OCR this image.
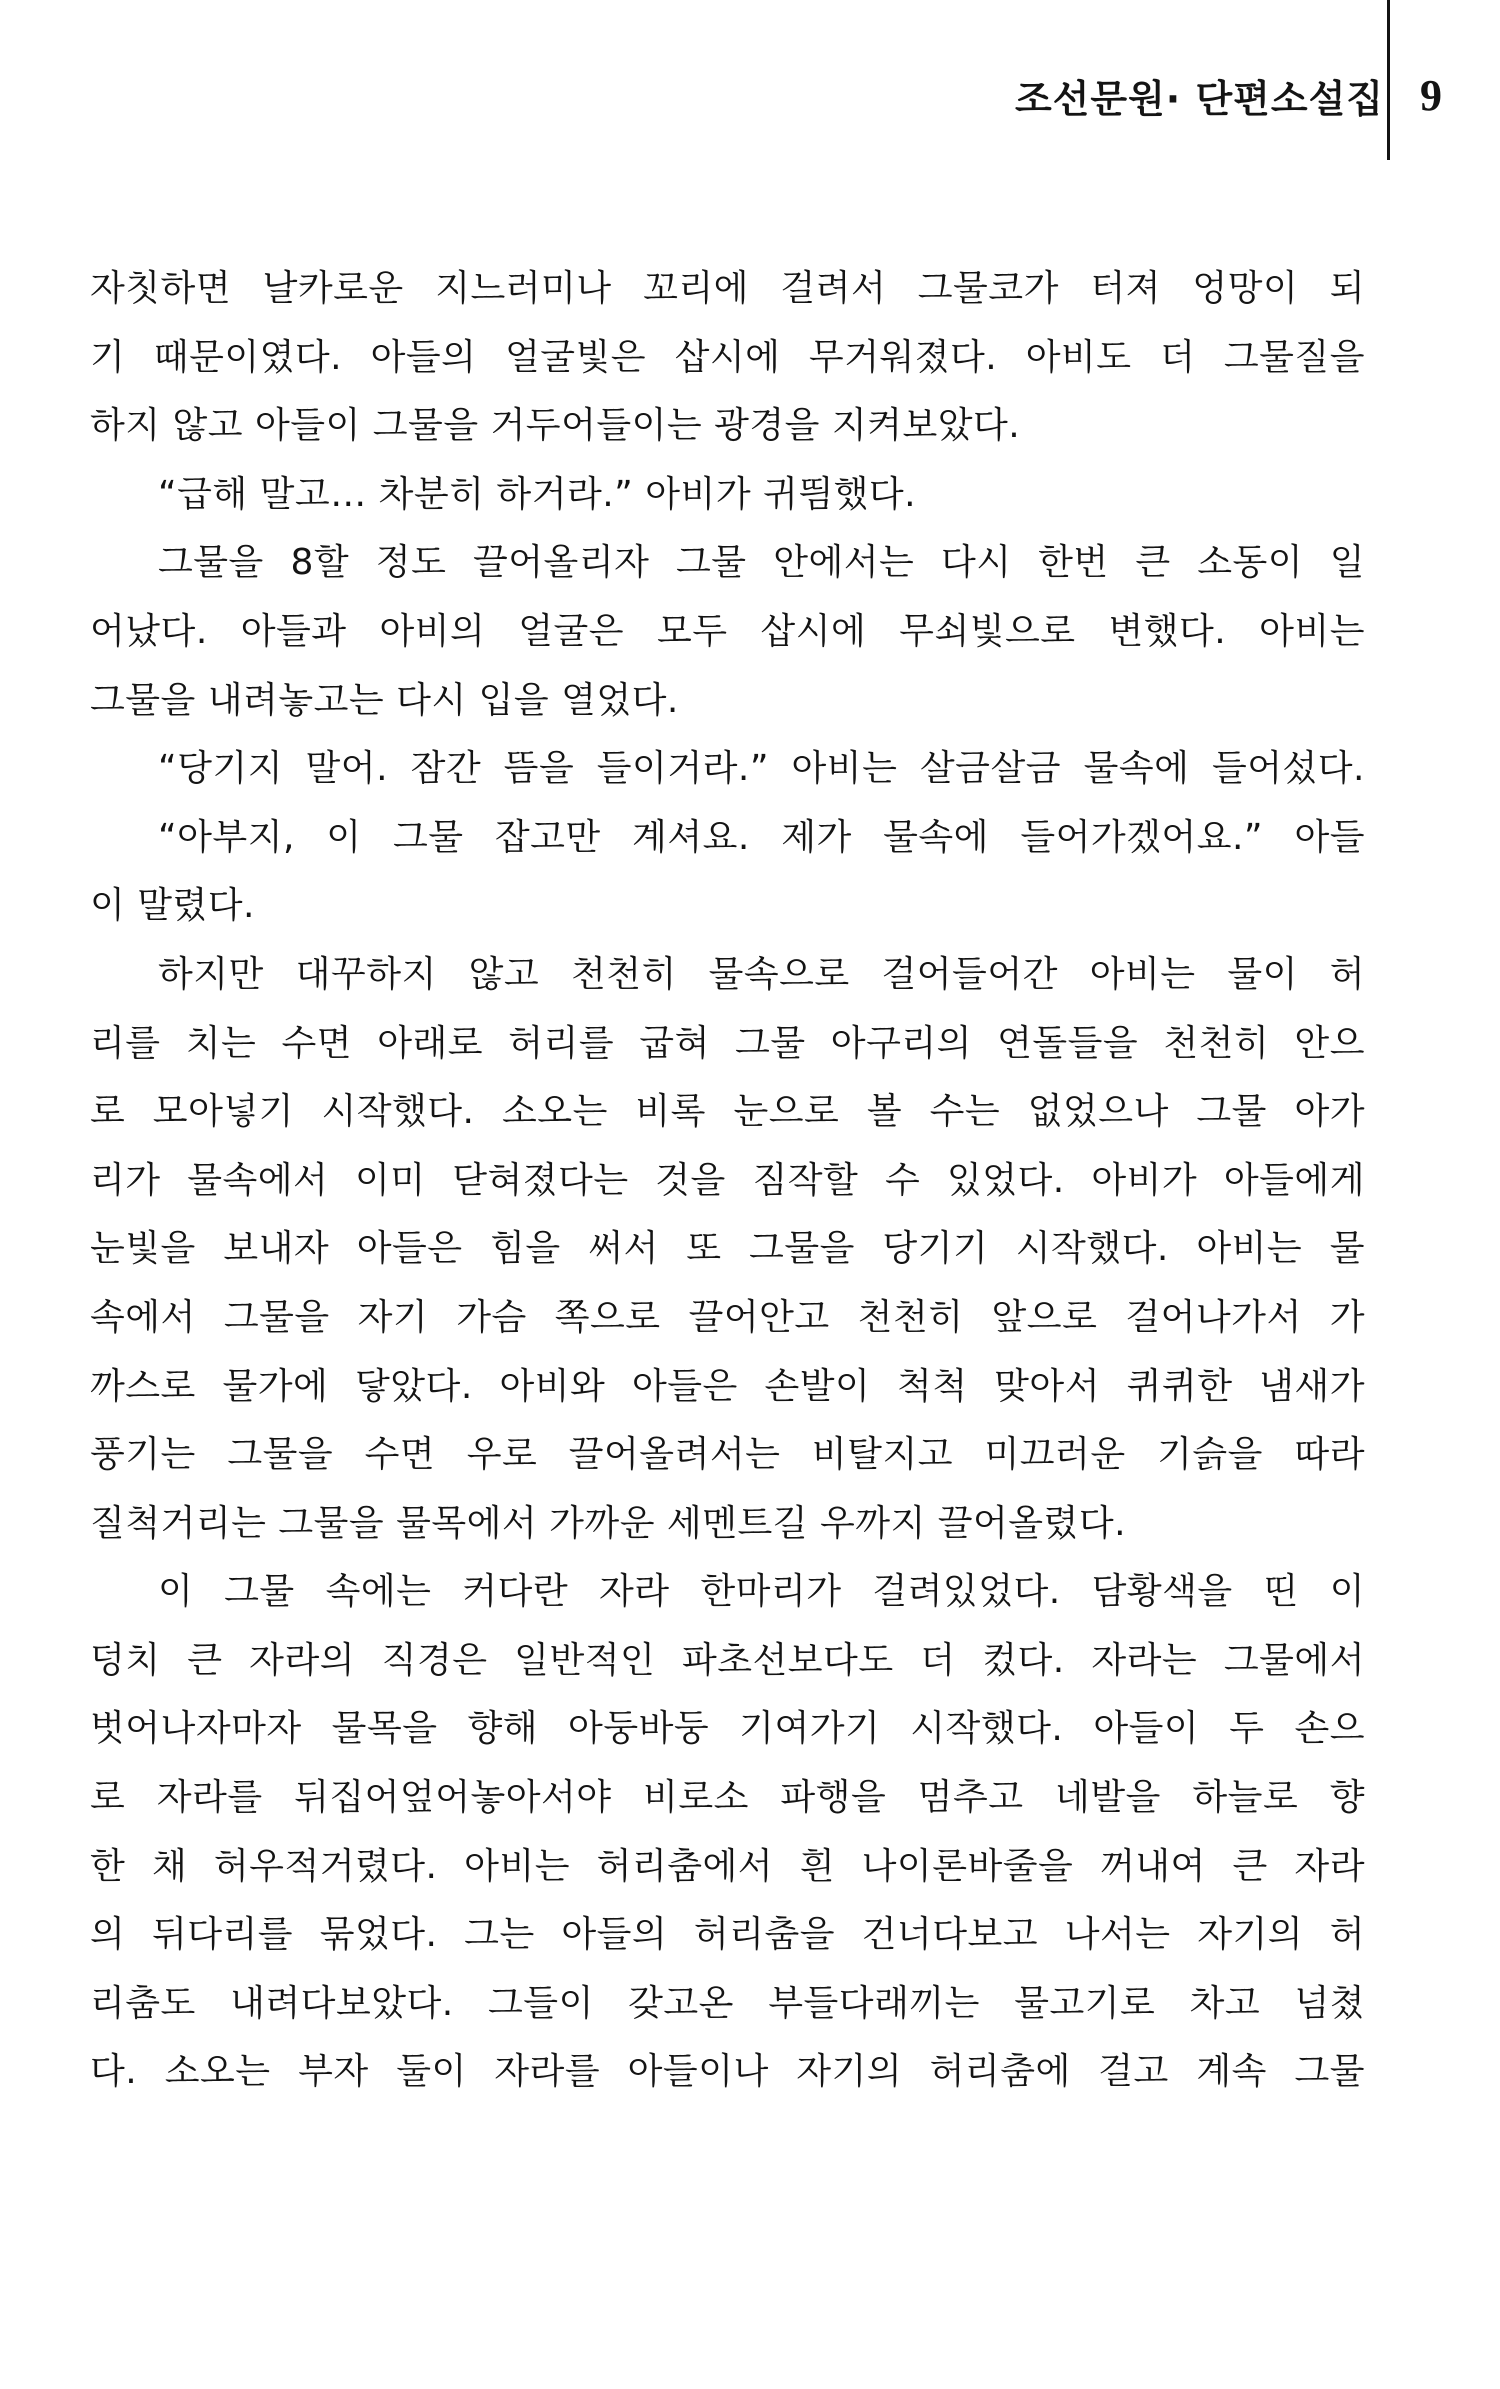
조선문원· 단편소설집 9
자칫하면 날카로운 지느러미나 꼬리에 걸려서 그물코가 터져 엉망이 되
기 때문이였다. 아들의 얼굴빛은 삽시에 무거워졌다. 아비도 더 그물질을
하지 않고 아들이 그물을 거두어들이는 광경을 지켜보았다.
“급해 말고… 차분히 하거라.” 아비가 귀띔했다.
그물을 8할 정도 끌어올리자 그물 안에서는 다시 한번 큰 소동이 일
어났다. 아들과 아비의 얼굴은 모두 삽시에 무쇠빛으로 변했다. 아비는
그물을 내려놓고는 다시 입을 열었다.
“당기지 말어. 잠간 뜸을 들이거라.” 아비는 살금살금 물속에 들어섰다.
“아부지, 이 그물 잡고만 계셔요. 제가 물속에 들어가겠어요.” 아들
이 말렸다.
하지만 대꾸하지 않고 천천히 물속으로 걸어들어간 아비는 물이 허
리를 치는 수면 아래로 허리를 굽혀 그물 아구리의 연돌들을 천천히 안으
로 모아넣기 시작했다. 소오는 비록 눈으로 볼 수는 없었으나 그물 아가
리가 물속에서 이미 닫혀졌다는 것을 짐작할 수 있었다. 아비가 아들에게
눈빛을 보내자 아들은 힘을 써서 또 그물을 당기기 시작했다. 아비는 물
속에서 그물을 자기 가슴 쪽으로 끌어안고 천천히 앞으로 걸어나가서 가
까스로 물가에 닿았다. 아비와 아들은 손발이 척척 맞아서 퀴퀴한 냄새가
풍기는 그물을 수면 우로 끌어올려서는 비탈지고 미끄러운 기슭을 따라
질척거리는 그물을 물목에서 가까운 세멘트길 우까지 끌어올렸다.
이 그물 속에는 커다란 자라 한마리가 걸려있었다. 담황색을 띤 이
덩치 큰 자라의 직경은 일반적인 파초선보다도 더 컸다. 자라는 그물에서
벗어나자마자 물목을 향해 아둥바둥 기여가기 시작했다. 아들이 두 손으
로 자라를 뒤집어엎어놓아서야 비로소 파행을 멈추고 네발을 하늘로 향
한 채 허우적거렸다. 아비는 허리춤에서 흰 나이론바줄을 꺼내여 큰 자라
의 뒤다리를 묶었다. 그는 아들의 허리춤을 건너다보고 나서는 자기의 허
리춤도 내려다보았다. 그들이 갖고온 부들다래끼는 물고기로 차고 넘쳤
다. 소오는 부자 둘이 자라를 아들이나 자기의 허리춤에 걸고 계속 그물
